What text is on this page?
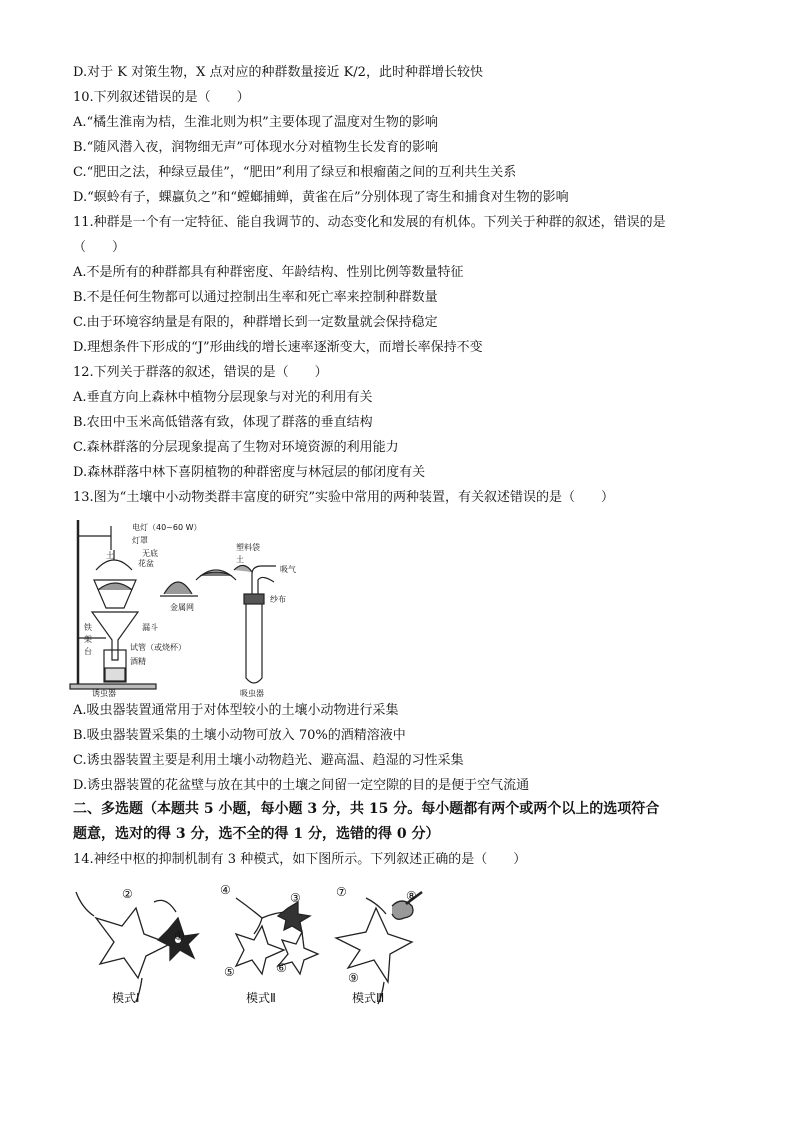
D.对于 K 对策生物，X 点对应的种群数量接近 K/2，此时种群增长较快
10.下列叙述错误的是（　　）
A.“橘生淮南为桔，生淮北则为枳”主要体现了温度对生物的影响
B.“随风潜入夜，润物细无声”可体现水分对植物生长发育的影响
C.“肥田之法，种绿豆最佳”，“肥田”利用了绿豆和根瘤菌之间的互利共生关系
D.“螟蛉有子，蜾蠃负之”和“螳螂捕蝉，黄雀在后”分别体现了寄生和捕食对生物的影响
11.种群是一个有一定特征、能自我调节的、动态变化和发展的有机体。下列关于种群的叙述，错误的是
（　　）
A.不是所有的种群都具有种群密度、年龄结构、性别比例等数量特征
B.不是任何生物都可以通过控制出生率和死亡率来控制种群数量
C.由于环境容纳量是有限的，种群增长到一定数量就会保持稳定
D.理想条件下形成的“J”形曲线的增长速率逐渐变大，而增长率保持不变
12.下列关于群落的叙述，错误的是（　　）
A.垂直方向上森林中植物分层现象与对光的利用有关
B.农田中玉米高低错落有致，体现了群落的垂直结构
C.森林群落的分层现象提高了生物对环境资源的利用能力
D.森林群落中林下喜阴植物的种群密度与林冠层的郁闭度有关
13.图为“土壤中小动物类群丰富度的研究”实验中常用的两种装置，有关叙述错误的是（　　）
电灯（40~60 W）
灯罩
土	无底
花盆
金属网
漏斗
铁
架
台	试管（或烧杯）
酒精
塑料袋
土
吸气
纱布
诱虫器	吸虫器
A.吸虫器装置通常用于对体型较小的土壤小动物进行采集
B.吸虫器装置采集的土壤小动物可放入 70%的酒精溶液中
C.诱虫器装置主要是利用土壤小动物趋光、避高温、趋湿的习性采集
D.诱虫器装置的花盆壁与放在其中的土壤之间留一定空隙的目的是便于空气流通
二、多选题（本题共 5 小题，每小题 3 分，共 15 分。每小题都有两个或两个以上的选项符合
题意，选对的得 3 分，选不全的得 1 分，选错的得 0 分）
14.神经中枢的抑制机制有 3 种模式，如下图所示。下列叙述正确的是（　　）
②
①
④
③
⑤	⑥
⑦	⑧
⑨
模式Ⅰ	模式Ⅱ	模式Ⅲ
